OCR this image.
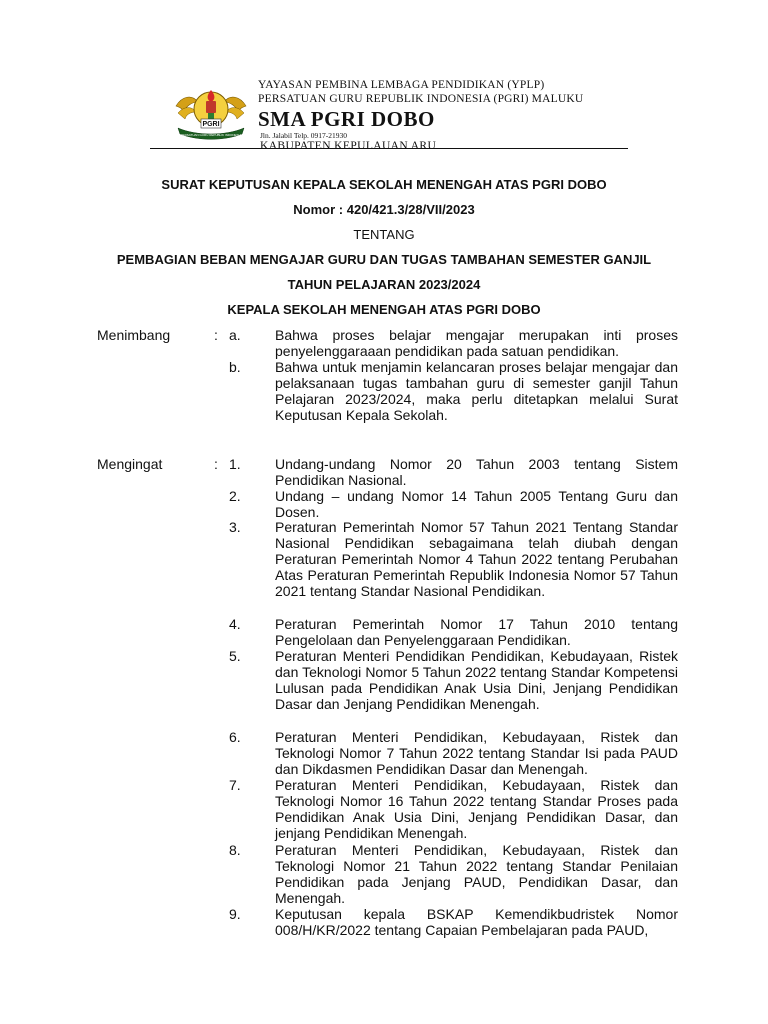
PGRI
PERSATUAN GURU REPUBLIK INDONESIA
YAYASAN PEMBINA LEMBAGA PENDIDIKAN (YPLP)
PERSATUAN GURU REPUBLIK INDONESIA (PGRI) MALUKU
SMA PGRI DOBO
Jln. Jalabil Telp. 0917-21930
KABUPATEN KEPULAUAN ARU
SURAT KEPUTUSAN KEPALA SEKOLAH MENENGAH ATAS PGRI DOBO
Nomor : 420/421.3/28/VII/2023
TENTANG
PEMBAGIAN BEBAN MENGAJAR GURU DAN TUGAS TAMBAHAN SEMESTER GANJIL
TAHUN PELAJARAN 2023/2024
KEPALA SEKOLAH MENENGAH ATAS PGRI DOBO
Menimbang	: a.	Bahwa proses belajar mengajar merupakan inti proses penyelenggaraaan pendidikan pada satuan pendidikan.
b.	Bahwa untuk menjamin kelancaran proses belajar mengajar dan pelaksanaan tugas tambahan guru di semester ganjil Tahun Pelajaran 2023/2024, maka perlu ditetapkan melalui Surat Keputusan Kepala Sekolah.
Mengingat	: 1.	Undang-undang Nomor 20 Tahun 2003 tentang Sistem Pendidikan Nasional.
2.	Undang – undang Nomor 14 Tahun 2005 Tentang Guru dan Dosen.
3.	Peraturan Pemerintah Nomor 57 Tahun 2021 Tentang Standar Nasional Pendidikan sebagaimana telah diubah dengan Peraturan Pemerintah Nomor 4 Tahun 2022 tentang Perubahan Atas Peraturan Pemerintah Republik Indonesia Nomor 57 Tahun 2021 tentang Standar Nasional Pendidikan.
4.	Peraturan Pemerintah Nomor 17 Tahun 2010 tentang Pengelolaan dan Penyelenggaraan Pendidikan.
5.	Peraturan Menteri Pendidikan Pendidikan, Kebudayaan, Ristek dan Teknologi Nomor 5 Tahun 2022 tentang Standar Kompetensi Lulusan pada Pendidikan Anak Usia Dini, Jenjang Pendidikan Dasar dan Jenjang Pendidikan Menengah.
6.	Peraturan Menteri Pendidikan, Kebudayaan, Ristek dan Teknologi Nomor 7 Tahun 2022 tentang Standar Isi pada PAUD dan Dikdasmen Pendidikan Dasar dan Menengah.
7.	Peraturan Menteri Pendidikan, Kebudayaan, Ristek dan Teknologi Nomor 16 Tahun 2022 tentang Standar Proses pada Pendidikan Anak Usia Dini, Jenjang Pendidikan Dasar, dan jenjang Pendidikan Menengah.
8.	Peraturan Menteri Pendidikan, Kebudayaan, Ristek dan Teknologi Nomor 21 Tahun 2022 tentang Standar Penilaian Pendidikan pada Jenjang PAUD, Pendidikan Dasar, dan Menengah.
9.	Keputusan kepala BSKAP Kemendikbudristek Nomor 008/H/KR/2022 tentang Capaian Pembelajaran pada PAUD,
